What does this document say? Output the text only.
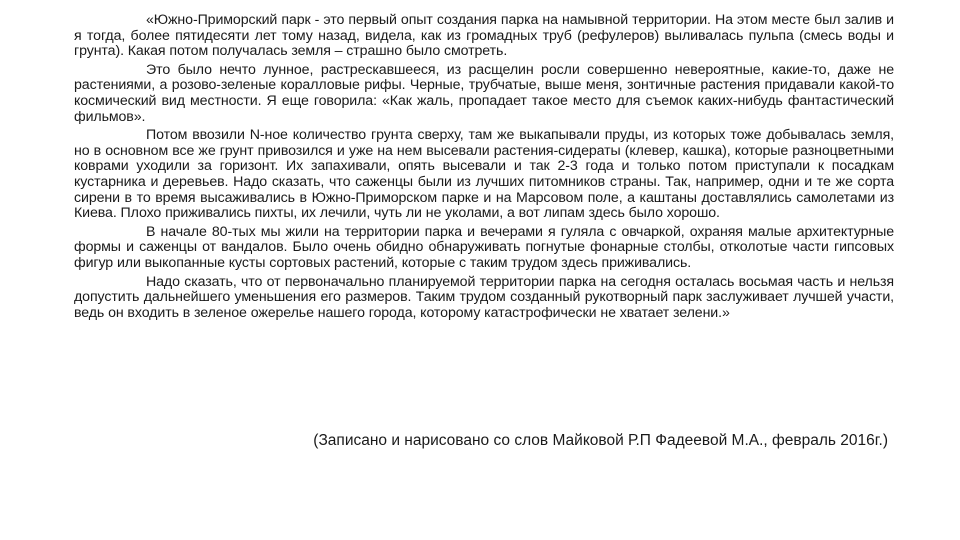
«Южно-Приморский парк - это первый опыт создания парка на намывной территории. На этом месте был залив и я тогда, более пятидесяти лет тому назад, видела, как из громадных труб (рефулеров) выливалась пульпа (смесь воды и грунта). Какая потом получалась земля – страшно было смотреть.

Это было нечто лунное, растрескавшееся, из расщелин росли совершенно невероятные, какие-то, даже не растениями, а розово-зеленые коралловые рифы. Черные, трубчатые, выше меня, зонтичные растения придавали какой-то космический вид местности. Я еще говорила: «Как жаль, пропадает такое место для съемок каких-нибудь фантастический фильмов».

Потом ввозили N-ное количество грунта сверху, там же выкапывали пруды, из которых тоже добывалась земля, но в основном все же грунт привозился и уже на нем высевали растения-сидераты (клевер, кашка), которые разноцветными коврами уходили за горизонт. Их запахивали, опять высевали и так 2-3 года и только потом приступали к посадкам кустарника и деревьев. Надо сказать, что саженцы были из лучших питомников страны. Так, например, одни и те же сорта сирени в то время высаживались в Южно-Приморском парке и на Марсовом поле, а каштаны доставлялись самолетами из Киева. Плохо приживались пихты, их лечили, чуть ли не уколами, а вот липам здесь было хорошо.

В начале 80-тых мы жили на территории парка и вечерами я гуляла с овчаркой, охраняя малые архитектурные формы и саженцы от вандалов. Было очень обидно обнаруживать погнутые фонарные столбы, отколотые части гипсовых фигур или выкопанные кусты сортовых растений, которые с таким трудом здесь приживались.

Надо сказать, что от первоначально планируемой территории парка на сегодня осталась восьмая часть и нельзя допустить дальнейшего уменьшения его размеров. Таким трудом созданный рукотворный парк заслуживает лучшей участи, ведь он входить в зеленое ожерелье нашего города, которому катастрофически не хватает зелени.»

(Записано и нарисовано со слов Майковой Р.П Фадеевой М.А., февраль 2016г.)
